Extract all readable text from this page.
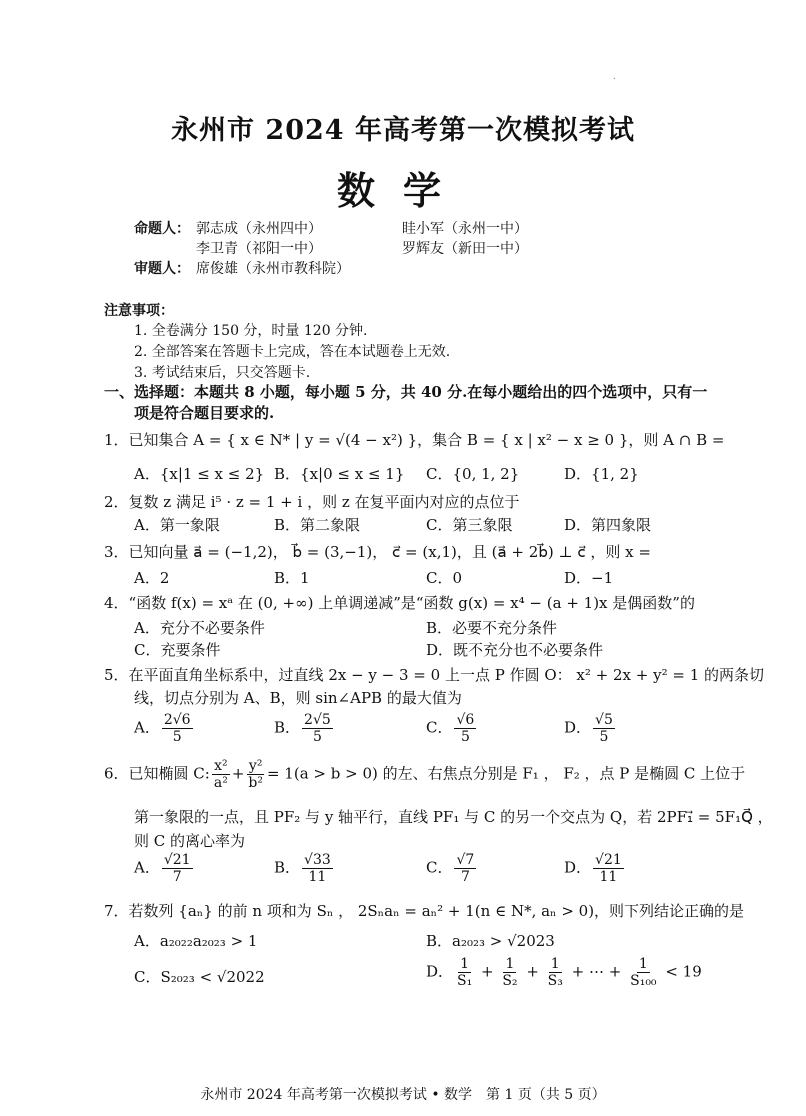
·
永州市 2024 年高考第一次模拟考试
数学
命题人： 郭志成（永州四中）	眭小军（永州一中）
李卫青（祁阳一中）	罗辉友（新田一中）
审题人： 席俊雄（永州市教科院）
注意事项：
1. 全卷满分 150 分，时量 120 分钟.
2. 全部答案在答题卡上完成，答在本试题卷上无效.
3. 考试结束后，只交答题卡.
一、选择题：本题共 8 小题，每小题 5 分，共 40 分.在每小题给出的四个选项中，只有一
项是符合题目要求的.
1．已知集合 A = { x ∈ N* | y = √(4 − x²) }，集合 B = { x | x² − x ≥ 0 }，则 A ∩ B =
A．{x|1 ≤ x ≤ 2} B．{x|0 ≤ x ≤ 1} C．{0, 1, 2}	D．{1, 2}
2．复数 z 满足 i⁵ · z = 1 + i ，则 z 在复平面内对应的点位于
A．第一象限	B．第二象限	C．第三象限	D．第四象限
3．已知向量 a⃗ = (−1,2)， b⃗ = (3,−1)， c⃗ = (x,1)，且 (a⃗ + 2b⃗) ⊥ c⃗ ，则 x =
A．2	B．1	C．0	D．−1
4．“函数 f(x) = xᵃ 在 (0, +∞) 上单调递减”是“函数 g(x) = x⁴ − (a + 1)x 是偶函数”的
A．充分不必要条件	B．必要不充分条件
C．充要条件	D．既不充分也不必要条件
5．在平面直角坐标系中，过直线 2x − y − 3 = 0 上一点 P 作圆 O： x² + 2x + y² = 1 的两条切
线，切点分别为 A、B，则 sin∠APB 的最大值为
A． $\frac{2√6}{5}$	B． $\frac{2√5}{5}$	C． $\frac{√6}{5}$	D． $\frac{√5}{5}$
6．已知椭圆 C: $\frac{\text{x²}}{\text{a²}} + \frac{\text{y²}}{\text{b²}} = 1(a > b > 0)$ 的左、右焦点分别是 F₁ ， F₂ ，点 P 是椭圆 C 上位于
第一象限的一点，且 PF₂ 与 y 轴平行，直线 PF₁ 与 C 的另一个交点为 Q，若 2PF₁⃗ = 5F₁Q⃗ ，
则 C 的离心率为
A． $\frac{√21}{7}$	B． $\frac{√33}{11}$	C． $\frac{√7}{7}$	D． $\frac{√21}{11}$
7．若数列 {aₙ} 的前 n 项和为 Sₙ ， 2Sₙaₙ = aₙ² + 1(n ∈ N*, aₙ > 0)，则下列结论正确的是
A．a₂₀₂₂a₂₀₂₃ > 1	B．a₂₀₂₃ > √2023
C．S₂₀₂₃ < √2022	D． $\frac{1}{\text{S₁}} + \frac{1}{\text{S₂}} + \frac{1}{\text{S₃}}$ + ⋯ + $\frac{1}{\text{S₁₀₀}} < 19$
永州市 2024 年高考第一次模拟考试 • 数学　第 1 页（共 5 页）
